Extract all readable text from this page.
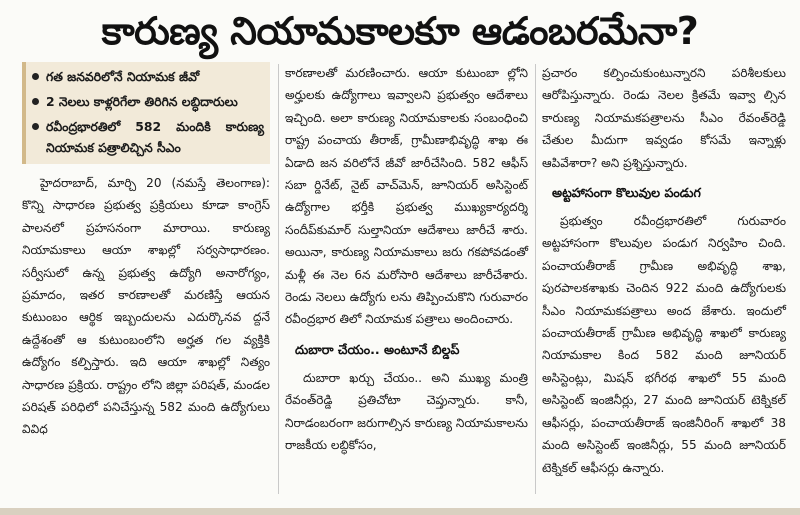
కారుణ్య నియామకాలకూ ఆడంబరమేనా?
గత జనవరిలోనే నియామక జీవో
2 నెలలు కాళ్లరిగేలా తిరిగిన లబ్ధిదారులు
రవీంద్రభారతిలో 582 మందికి కారుణ్య నియామక పత్రాలిచ్చిన సీఎం
హైదరాబాద్, మార్చి 20 (నమస్తే తెలంగాణ): కొన్ని సాధారణ ప్రభుత్వ ప్రక్రియలు కూడా కాంగ్రెస్ పాలనలో ప్రహసనంగా మారాయి. కారుణ్య నియామకాలు ఆయా శాఖల్లో సర్వసాధారణం. సర్వీసులో ఉన్న ప్రభుత్వ ఉద్యోగి అనారోగ్యం, ప్రమాదం, ఇతర కారణాలతో మరణిస్తే ఆయన కుటుంబం ఆర్థిక ఇబ్బందులను ఎదుర్కొనవ ద్దనే ఉద్దేశంతో ఆ కుటుంబంలోని అర్హత గల వ్యక్తికి ఉద్యోగం కల్పిస్తారు. ఇది ఆయా శాఖల్లో నిత్యం సాధారణ ప్రక్రియ. రాష్ట్రం లోని జిల్లా పరిషత్, మండల పరిషత్ పరిధిలో పనిచేస్తున్న 582 మంది ఉద్యోగులు వివిధ
కారణాలతో మరణించారు. ఆయా కుటుంబా ల్లోని అర్హులకు ఉద్యోగాలు ఇవ్వాలని ప్రభుత్వం ఆదేశాలు ఇచ్చింది. అలా కారుణ్య నియామకాలకు సంబంధించి రాష్ట్ర పంచాయ తీరాజ్, గ్రామీణాభివృద్ధి శాఖ ఈ ఏడాది జన వరిలోనే జీవో జారీచేసింది. 582 ఆఫీస్ సబా ర్డినేట్, నైట్ వాచ్‌మెన్, జూనియర్ అసిస్టెంట్ ఉద్యోగాల భర్తీకి ప్రభుత్వ ముఖ్యకార్యదర్శి సందీప్‌కుమార్ సుల్తానియా ఆదేశాలు జారీచే శారు. అయినా, కారుణ్య నియామకాలు జరు గకపోవడంతో మళ్లీ ఈ నెల 6న మరోసారి ఆదేశాలు జారీచేశారు. రెండు నెలలు ఉద్యోగు లను తిప్పించుకొని గురువారం రవీంద్రభార తిలో నియామక పత్రాలు అందించారు.
దుబారా చేయం.. అంటూనే బిల్డప్
దుబారా ఖర్చు చేయం.. అని ముఖ్య మంత్రి రేవంత్‌రెడ్డి ప్రతిచోటా చెప్తున్నారు. కానీ, నిరాడంబరంగా జరుగాల్సిన కారుణ్య నియామకాలను రాజకీయ లబ్ధికోసం,
ప్రచారం కల్పించుకుంటున్నారని పరిశీలకులు ఆరోపిస్తున్నారు. రెండు నెలల క్రితమే ఇవ్వా ల్సిన కారుణ్య నియామకపత్రాలను సీఎం రేవంత్‌రెడ్డి చేతుల మీదుగా ఇవ్వడం కోసమే ఇన్నాళ్లు ఆపివేశారా? అని ప్రశ్నిస్తున్నారు.
అట్టహాసంగా కొలువుల పండుగ
ప్రభుత్వం రవీంద్రభారతిలో గురువారం అట్టహాసంగా కొలువుల పండుగ నిర్వహిం చింది. పంచాయతీరాజ్ గ్రామీణ అభివృద్ధి శాఖ, పురపాలకశాఖకు చెందిన 922 మంది ఉద్యోగులకు సీఎం నియామకపత్రాలు అంద జేశారు. ఇందులో పంచాయతీరాజ్ గ్రామీణ అభివృద్ధి శాఖలో కారుణ్య నియామకాల కింద 582 మంది జూనియర్ అసిస్టెంట్లు, మిషన్ భగీరథ శాఖలో 55 మంది అసిస్టెంట్ ఇంజినీర్లు, 27 మంది జూనియర్ టెక్నికల్ ఆఫీసర్లు, పంచాయతీరాజ్ ఇంజినీరింగ్ శాఖలో 38 మంది అసిస్టెంట్ ఇంజినీర్లు, 55 మంది జూనియర్ టెక్నికల్ ఆఫీసర్లు ఉన్నారు.
